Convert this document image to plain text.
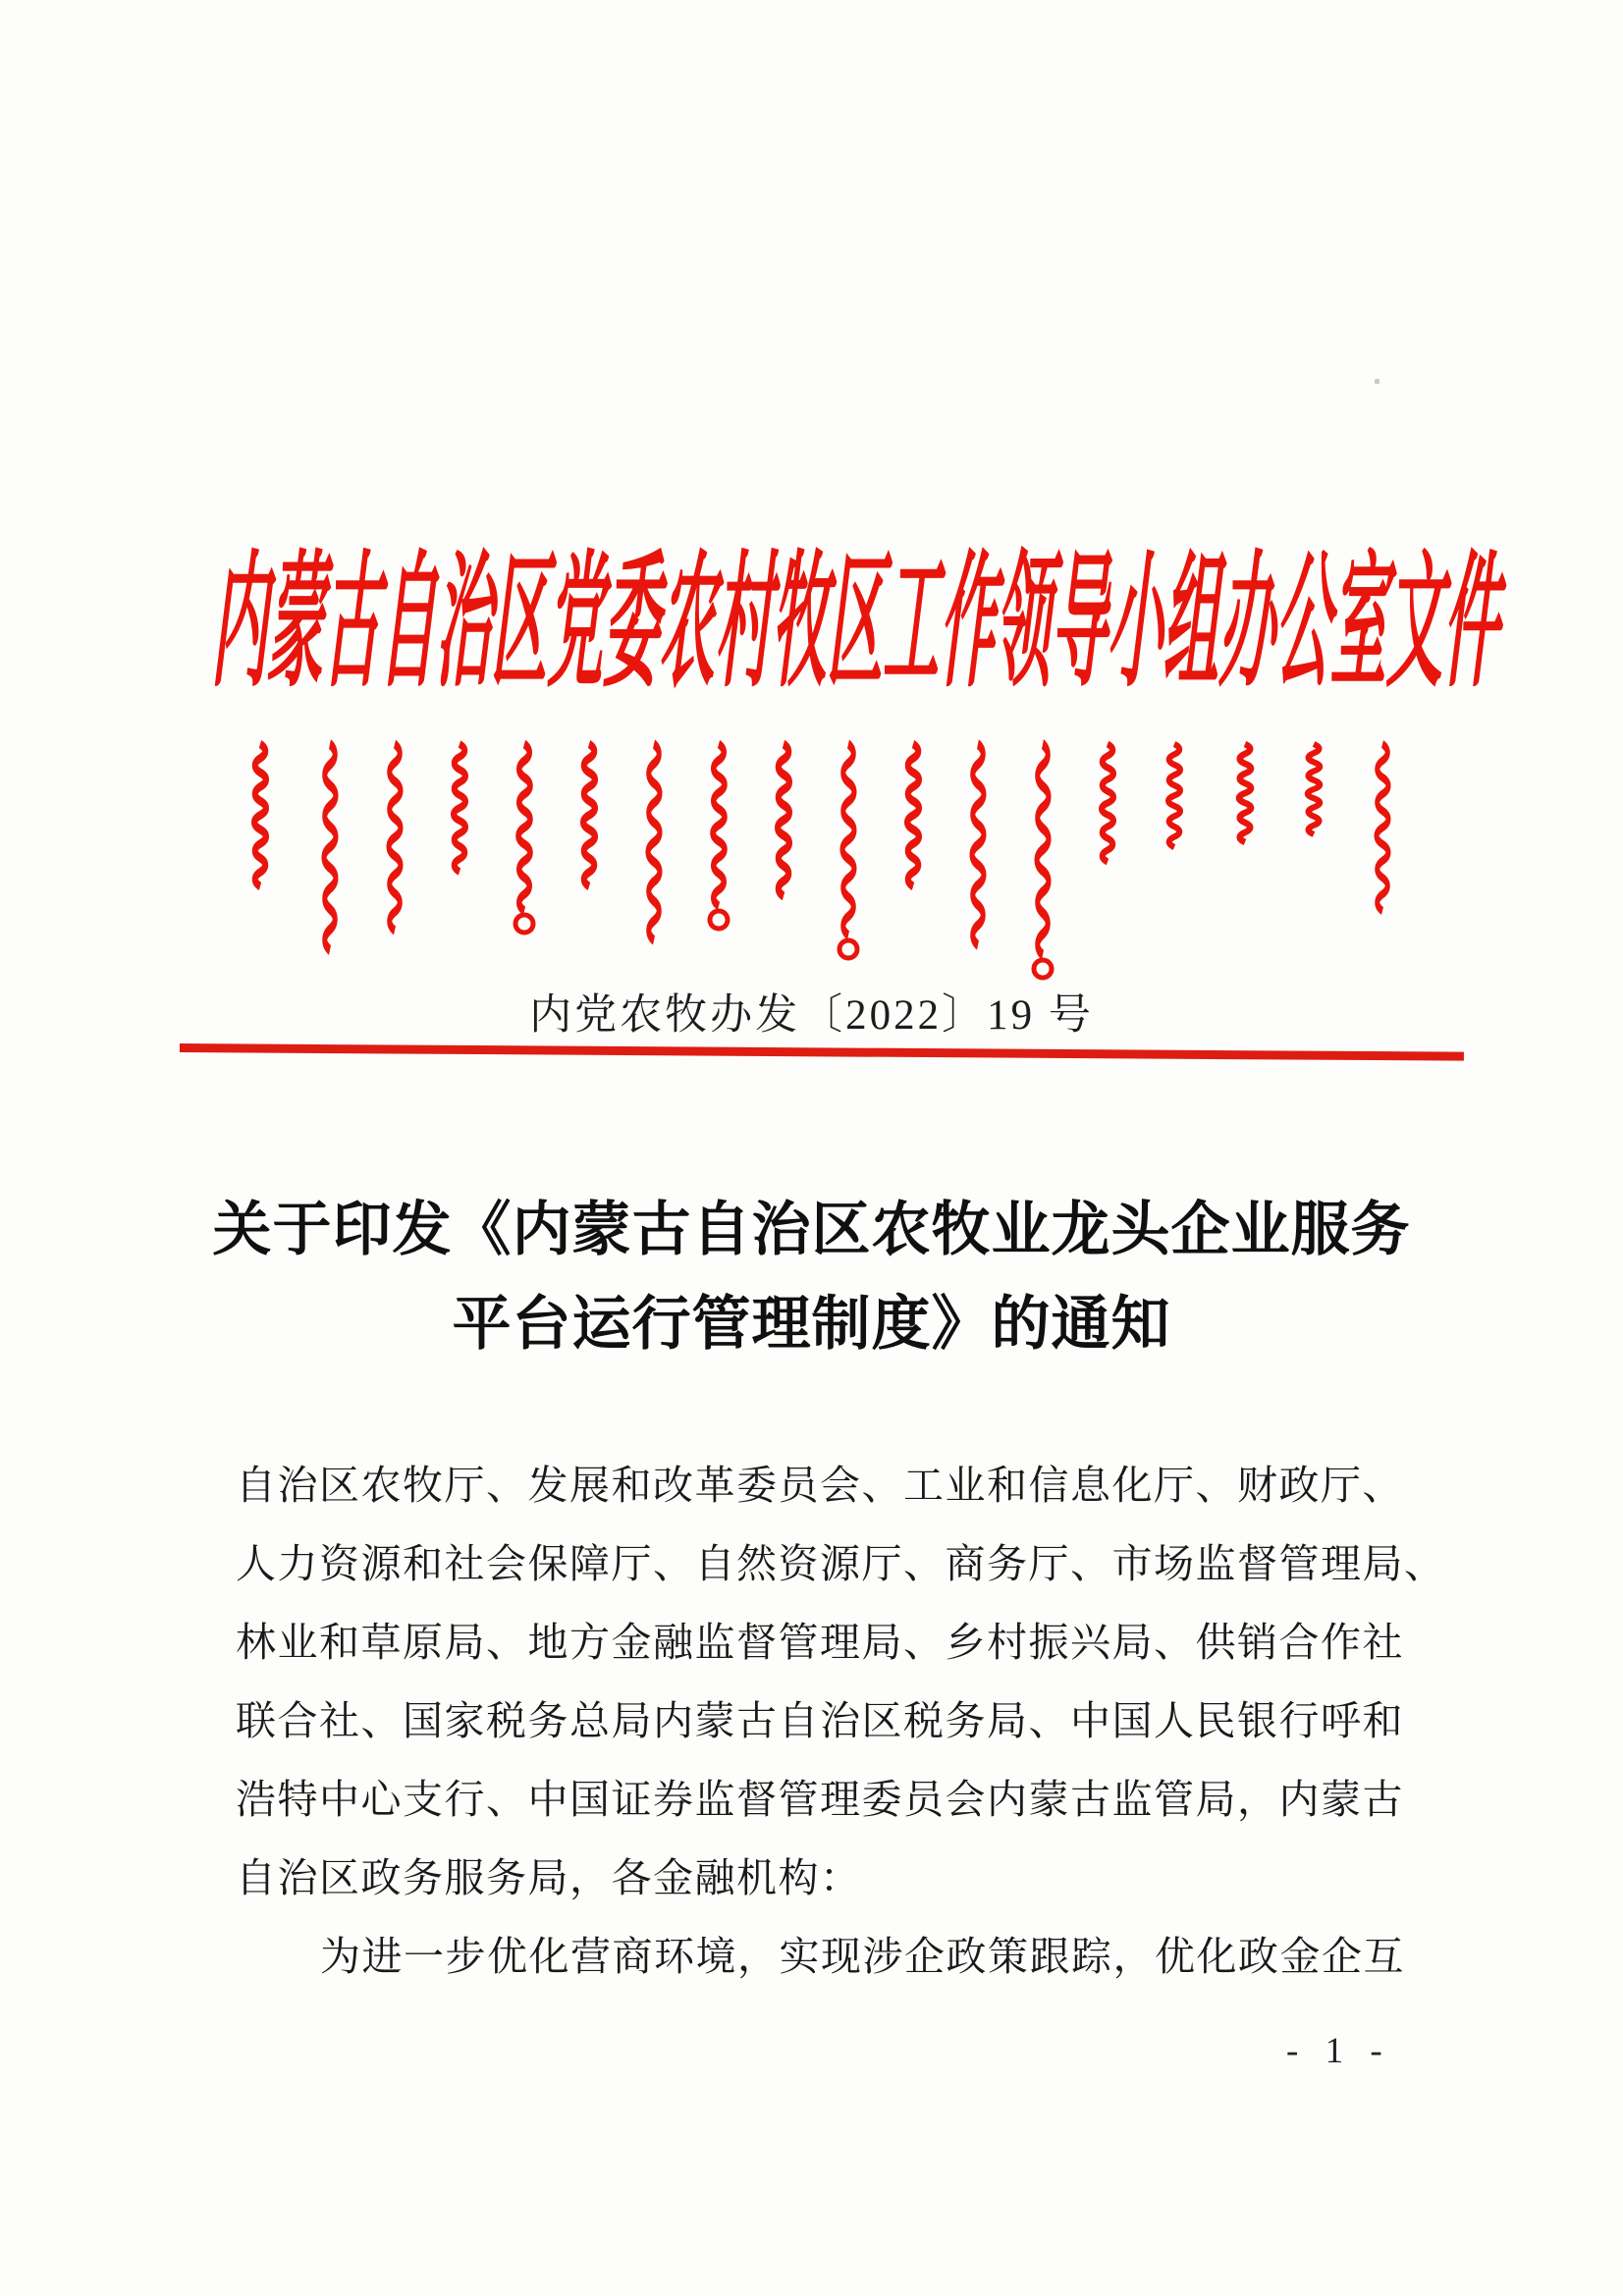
内蒙古自治区党委农村牧区工作领导小组办公室文件
内党农牧办发〔2022〕19 号
关于印发《内蒙古自治区农牧业龙头企业服务
平台运行管理制度》的通知
自治区农牧厅、发展和改革委员会、工业和信息化厅、财政厅、
人力资源和社会保障厅、自然资源厅、商务厅、市场监督管理局、
林业和草原局、地方金融监督管理局、乡村振兴局、供销合作社
联合社、国家税务总局内蒙古自治区税务局、中国人民银行呼和
浩特中心支行、中国证券监督管理委员会内蒙古监管局，内蒙古
自治区政务服务局，各金融机构：
为进一步优化营商环境，实现涉企政策跟踪，优化政金企互
- 1 -
